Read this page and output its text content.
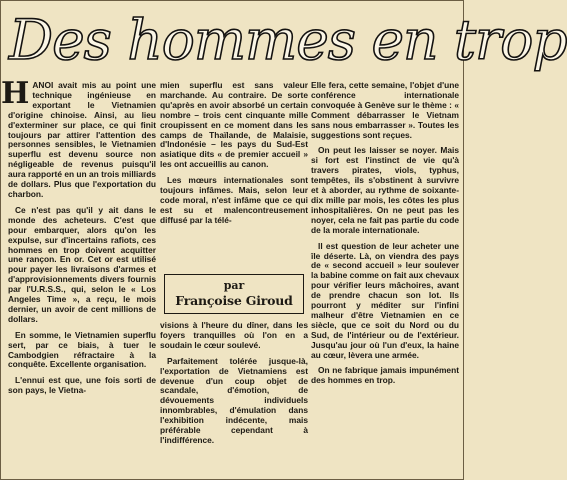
Des hommes en trop

HANOI avait mis au point une technique ingénieuse en exportant le Vietnamien d'origine chinoise. Ainsi, au lieu d'exterminer sur place, ce qui finit toujours par attirer l'attention des personnes sensibles, le Vietnamien superflu est devenu source non négligeable de revenus puisqu'il aura rapporté en un an trois milliards de dollars. Plus que l'exportation du charbon.

Ce n'est pas qu'il y ait dans le monde des acheteurs. C'est que pour embarquer, alors qu'on les expulse, sur d'incertains rafiots, ces hommes en trop doivent acquitter une rançon. En or. Cet or est utilisé pour payer les livraisons d'armes et d'approvisionnements divers fournis par l'U.R.S.S., qui, selon le « Los Angeles Time », a reçu, le mois dernier, un avoir de cent millions de dollars.

En somme, le Vietnamien superflu sert, par ce biais, à tuer le Cambodgien réfractaire à la conquête. Excellente organisation.

L'ennui est que, une fois sorti de son pays, le Vietna-

mien superflu est sans valeur marchande. Au contraire. De sorte qu'après en avoir absorbé un certain nombre – trois cent cinquante mille croupissent en ce moment dans les camps de Thaïlande, de Malaisie, d'Indonésie – les pays du Sud-Est asiatique dits « de premier accueil » les ont accueillis au canon.

Les mœurs internationales sont toujours infâmes. Mais, selon leur code moral, n'est infâme que ce qui est su et malencontreusement diffusé par la télé-

visions à l'heure du dîner, dans les foyers tranquilles où l'on en a soudain le cœur soulevé.

Parfaitement tolérée jusque-là, l'exportation de Vietnamiens est devenue d'un coup objet de scandale, d'émotion, de dévouements individuels innombrables, d'émulation dans l'exhibition indécente, mais préférable cependant à l'indifférence.

par
Françoise Giroud

Elle fera, cette semaine, l'objet d'une conférence internationale convoquée à Genève sur le thème : « Comment débarrasser le Vietnam sans nous embarrasser ». Toutes les suggestions sont reçues.

On peut les laisser se noyer. Mais si fort est l'instinct de vie qu'à travers pirates, viols, typhus, tempêtes, ils s'obstinent à survivre et à aborder, au rythme de soixante-dix mille par mois, les côtes les plus inhospitalières. On ne peut pas les noyer, cela ne fait pas partie du code de la morale internationale.

Il est question de leur acheter une île déserte. Là, on viendra des pays de « second accueil » leur soulever la babine comme on fait aux chevaux pour vérifier leurs mâchoires, avant de prendre chacun son lot. Ils pourront y méditer sur l'infini malheur d'être Vietnamien en ce siècle, que ce soit du Nord ou du Sud, de l'intérieur ou de l'extérieur. Jusqu'au jour où l'un d'eux, la haine au cœur, lèvera une armée.

On ne fabrique jamais impunément des hommes en trop.
